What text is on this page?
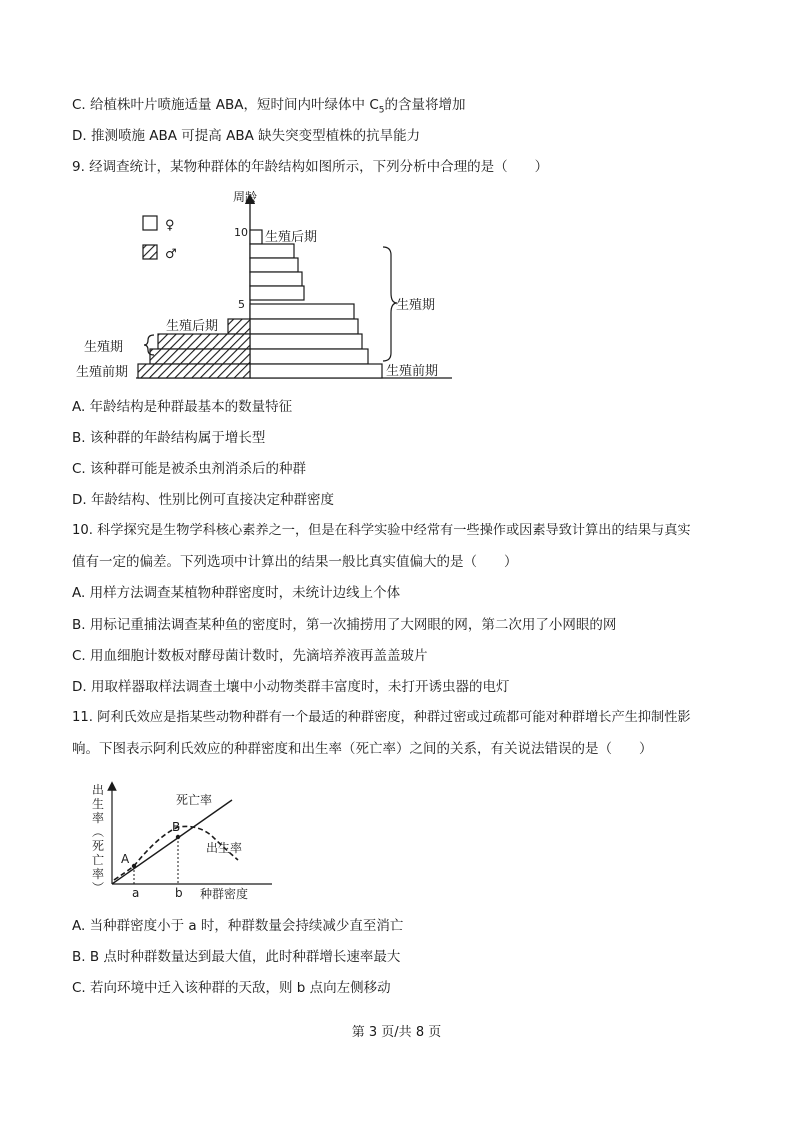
C. 给植株叶片喷施适量 ABA，短时间内叶绿体中 $C_5$的含量将增加
D. 推测喷施 ABA 可提高 ABA 缺失突变型植株的抗旱能力
9. 经调查统计，某物种群体的年龄结构如图所示，下列分析中合理的是（　　）
♀
♂
周龄
10
5
生殖后期
生殖期
生殖前期
生殖后期
生殖期
生殖前期
A. 年龄结构是种群最基本的数量特征
B. 该种群的年龄结构属于增长型
C. 该种群可能是被杀虫剂消杀后的种群
D. 年龄结构、性别比例可直接决定种群密度
10. 科学探究是生物学科核心素养之一，但是在科学实验中经常有一些操作或因素导致计算出的结果与真实
值有一定的偏差。下列选项中计算出的结果一般比真实值偏大的是（　　）
A. 用样方法调查某植物种群密度时，未统计边线上个体
B. 用标记重捕法调查某种鱼的密度时，第一次捕捞用了大网眼的网，第二次用了小网眼的网
C. 用血细胞计数板对酵母菌计数时，先滴培养液再盖盖玻片
D. 用取样器取样法调查土壤中小动物类群丰富度时，未打开诱虫器的电灯
11. 阿利氏效应是指某些动物种群有一个最适的种群密度，种群过密或过疏都可能对种群增长产生抑制性影
响。下图表示阿利氏效应的种群密度和出生率（死亡率）之间的关系，有关说法错误的是（　　）
出
生
率
︵
死
亡
率
︶
A
B
a	b
死亡率
出生率
种群密度
A. 当种群密度小于 a 时，种群数量会持续减少直至消亡
B. B 点时种群数量达到最大值，此时种群增长速率最大
C. 若向环境中迁入该种群的天敌，则 b 点向左侧移动
第 3 页/共 8 页
